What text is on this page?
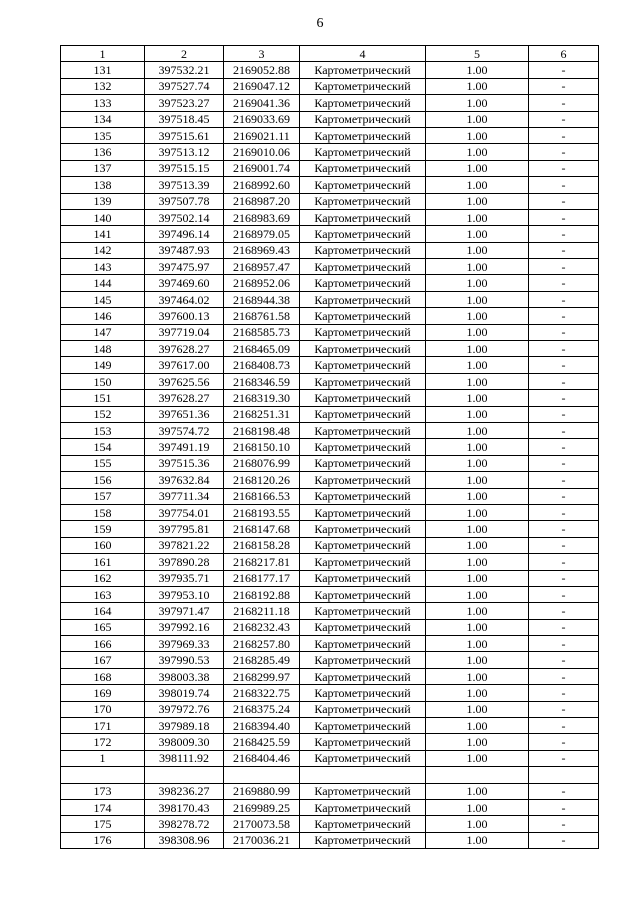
6
1	2	3	4	5	6
131	397532.21	2169052.88	Картометрический	1.00	-
132	397527.74	2169047.12	Картометрический	1.00	-
133	397523.27	2169041.36	Картометрический	1.00	-
134	397518.45	2169033.69	Картометрический	1.00	-
135	397515.61	2169021.11	Картометрический	1.00	-
136	397513.12	2169010.06	Картометрический	1.00	-
137	397515.15	2169001.74	Картометрический	1.00	-
138	397513.39	2168992.60	Картометрический	1.00	-
139	397507.78	2168987.20	Картометрический	1.00	-
140	397502.14	2168983.69	Картометрический	1.00	-
141	397496.14	2168979.05	Картометрический	1.00	-
142	397487.93	2168969.43	Картометрический	1.00	-
143	397475.97	2168957.47	Картометрический	1.00	-
144	397469.60	2168952.06	Картометрический	1.00	-
145	397464.02	2168944.38	Картометрический	1.00	-
146	397600.13	2168761.58	Картометрический	1.00	-
147	397719.04	2168585.73	Картометрический	1.00	-
148	397628.27	2168465.09	Картометрический	1.00	-
149	397617.00	2168408.73	Картометрический	1.00	-
150	397625.56	2168346.59	Картометрический	1.00	-
151	397628.27	2168319.30	Картометрический	1.00	-
152	397651.36	2168251.31	Картометрический	1.00	-
153	397574.72	2168198.48	Картометрический	1.00	-
154	397491.19	2168150.10	Картометрический	1.00	-
155	397515.36	2168076.99	Картометрический	1.00	-
156	397632.84	2168120.26	Картометрический	1.00	-
157	397711.34	2168166.53	Картометрический	1.00	-
158	397754.01	2168193.55	Картометрический	1.00	-
159	397795.81	2168147.68	Картометрический	1.00	-
160	397821.22	2168158.28	Картометрический	1.00	-
161	397890.28	2168217.81	Картометрический	1.00	-
162	397935.71	2168177.17	Картометрический	1.00	-
163	397953.10	2168192.88	Картометрический	1.00	-
164	397971.47	2168211.18	Картометрический	1.00	-
165	397992.16	2168232.43	Картометрический	1.00	-
166	397969.33	2168257.80	Картометрический	1.00	-
167	397990.53	2168285.49	Картометрический	1.00	-
168	398003.38	2168299.97	Картометрический	1.00	-
169	398019.74	2168322.75	Картометрический	1.00	-
170	397972.76	2168375.24	Картометрический	1.00	-
171	397989.18	2168394.40	Картометрический	1.00	-
172	398009.30	2168425.59	Картометрический	1.00	-
1	398111.92	2168404.46	Картометрический	1.00	-

173	398236.27	2169880.99	Картометрический	1.00	-
174	398170.43	2169989.25	Картометрический	1.00	-
175	398278.72	2170073.58	Картометрический	1.00	-
176	398308.96	2170036.21	Картометрический	1.00	-
